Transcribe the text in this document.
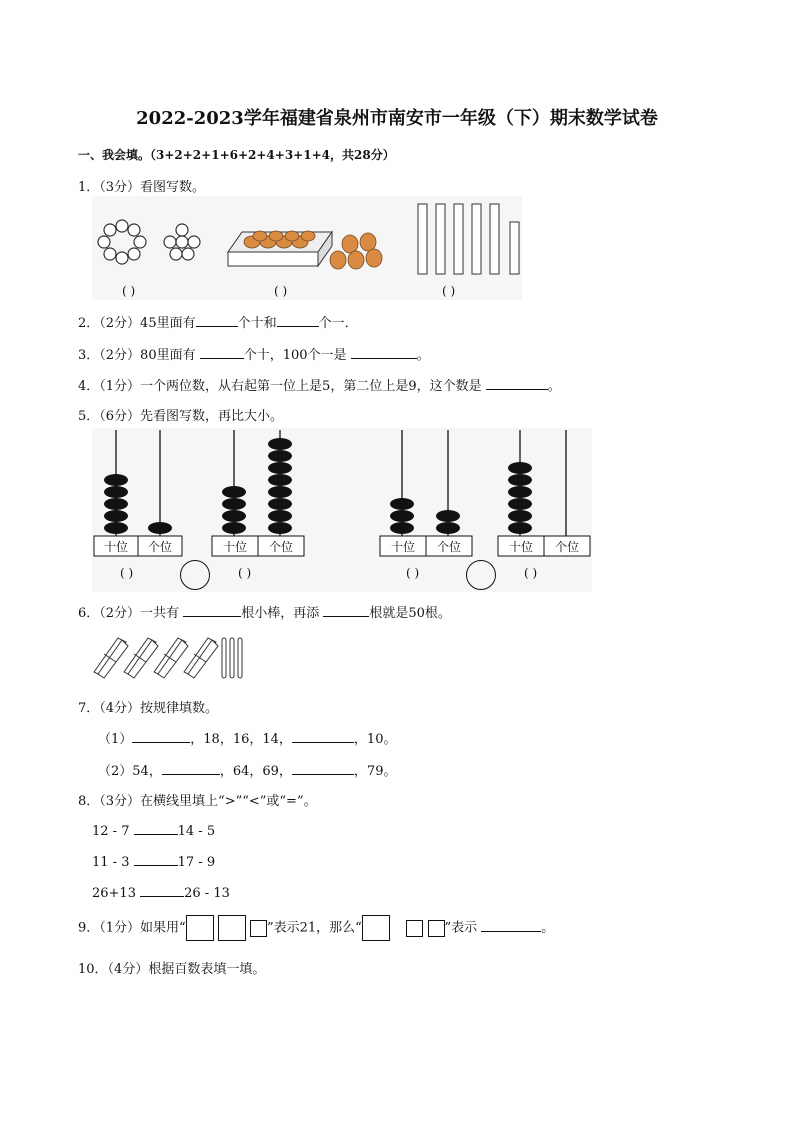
2022-2023学年福建省泉州市南安市一年级（下）期末数学试卷
一、我会填。（3+2+2+1+6+2+4+3+1+4，共28分）
1．（3分）看图写数。
( )	( )	( )
2．（2分）45里面有	个十和	个一．
3．（2分）80里面有	个十，100个一是	。
4．（1分）一个两位数，从右起第一位上是5，第二位上是9，这个数是	。
5．（6分）先看图写数，再比大小。
十位	个位	十位	个位	十位	个位	十位	个位
( )	( )	( )	( )
6．（2分）一共有	根小棒，再添	根就是50根。
7．（4分）按规律填数。
（1）	，18，16，14，	，10。
（2）54，	，64，69，	，79。
8．（3分）在横线里填上“>”“<”或“=”。
12 - 7	14 - 5
11 - 3	17 - 9
26+13	26 - 13
9．（1分）如果用“	”表示21，那么“	”表示	。
10．（4分）根据百数表填一填。
